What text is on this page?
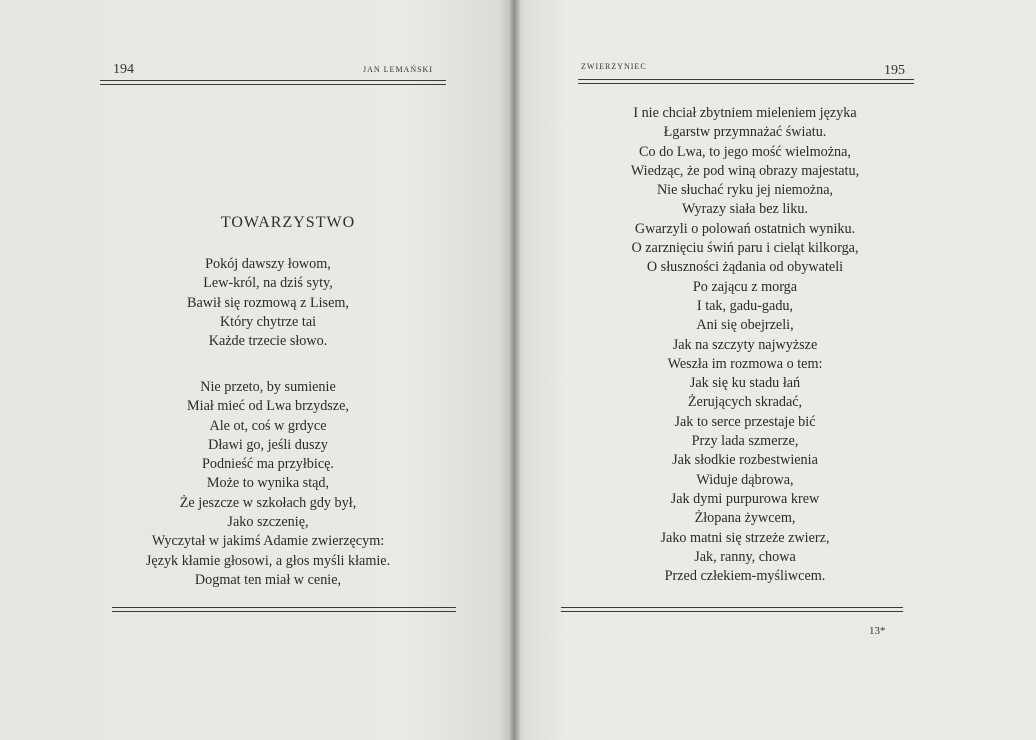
194	JAN LEMAŃSKI
TOWARZYSTWO
Pokój dawszy łowom,
Lew-król, na dziś syty,
Bawił się rozmową z Lisem,
Który chytrze tai
Każde trzecie słowo.
Nie przeto, by sumienie
Miał mieć od Lwa brzydsze,
Ale ot, coś w grdyce
Dławi go, jeśli duszy
Podnieść ma przyłbicę.
Może to wynika stąd,
Że jeszcze w szkołach gdy był,
Jako szczenię,
Wyczytał w jakimś Adamie zwierzęcym:
Język kłamie głosowi, a głos myśli kłamie.
Dogmat ten miał w cenie,
ZWIERZYNIEC	195
I nie chciał zbytniem mieleniem języka
Łgarstw przymnażać światu.
Co do Lwa, to jego mość wielmożna,
Wiedząc, że pod winą obrazy majestatu,
Nie słuchać ryku jej niemożna,
Wyrazy siała bez liku.
Gwarzyli o polowań ostatnich wyniku.
O zarznięciu świń paru i cieląt kilkorga,
O słuszności żądania od obywateli
Po zającu z morga
I tak, gadu-gadu,
Ani się obejrzeli,
Jak na szczyty najwyższe
Weszła im rozmowa o tem:
Jak się ku stadu łań
Żerujących skradać,
Jak to serce przestaje bić
Przy lada szmerze,
Jak słodkie rozbestwienia
Widuje dąbrowa,
Jak dymi purpurowa krew
Żłopana żywcem,
Jako matni się strzeże zwierz,
Jak, ranny, chowa
Przed człekiem-myśliwcem.
13*
